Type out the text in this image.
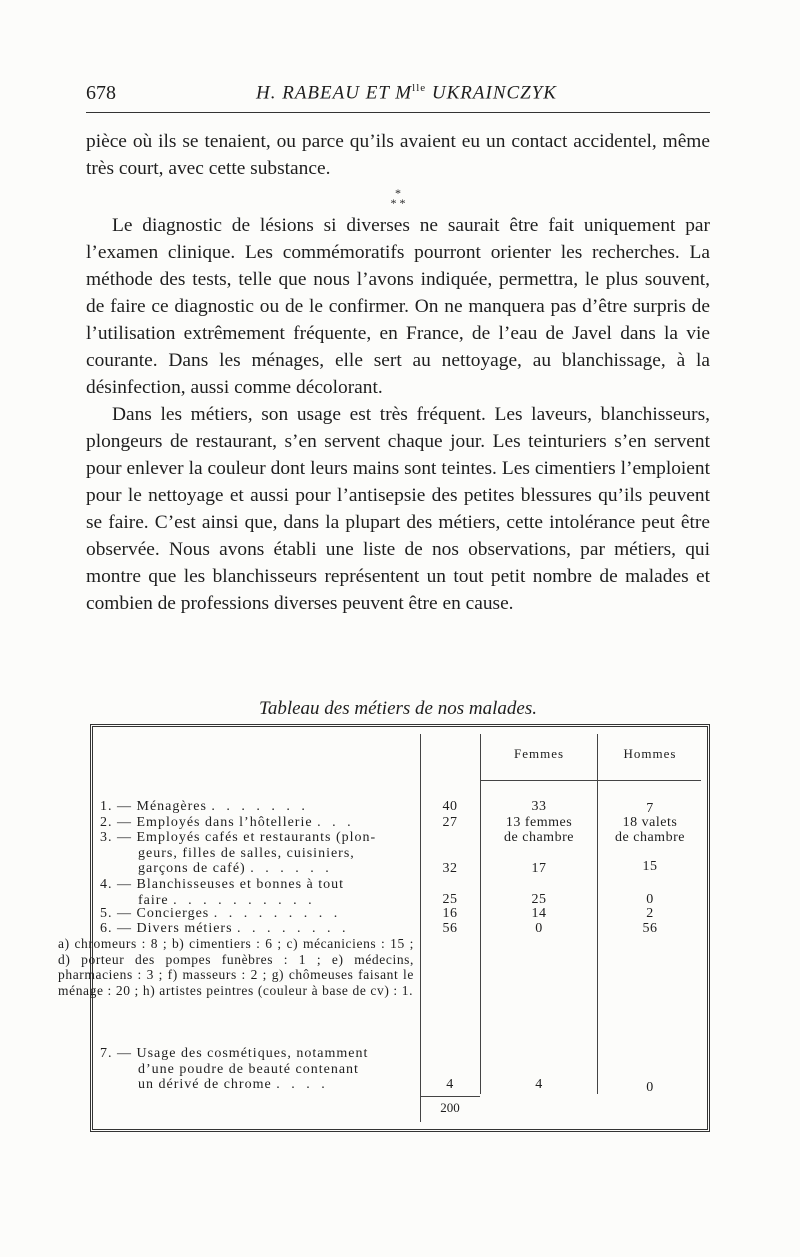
678	H. RABEAU ET $M^{lle}$ UKRAINCZYK

pièce où ils se tenaient, ou parce qu’ils avaient eu un contact accidentel, même très court, avec cette substance.

*
* *

Le diagnostic de lésions si diverses ne saurait être fait uniquement par l’examen clinique. Les commémoratifs pourront orienter les recherches. La méthode des tests, telle que nous l’avons indiquée, permettra, le plus souvent, de faire ce diagnostic ou de le confirmer. On ne manquera pas d’être surpris de l’utilisation extrêmement fréquente, en France, de l’eau de Javel dans la vie courante. Dans les ménages, elle sert au nettoyage, au blanchissage, à la désinfection, aussi comme décolorant.

Dans les métiers, son usage est très fréquent. Les laveurs, blanchisseurs, plongeurs de restaurant, s’en servent chaque jour. Les teinturiers s’en servent pour enlever la couleur dont leurs mains sont teintes. Les cimentiers l’emploient pour le nettoyage et aussi pour l’antisepsie des petites blessures qu’ils peuvent se faire. C’est ainsi que, dans la plupart des métiers, cette intolérance peut être observée. Nous avons établi une liste de nos observations, par métiers, qui montre que les blanchisseurs représentent un tout petit nombre de malades et combien de professions diverses peuvent être en cause.

Tableau des métiers de nos malades.
Femmes	Hommes
1. — Ménagères . . . . . . .
2. — Employés dans l’hôtellerie . . .
3. — Employés cafés et restaurants (plon-
geurs, filles de salles, cuisiniers,
garçons de café) . . . . . .
4. — Blanchisseuses et bonnes à tout
faire . . . . . . . . . .
5. — Concierges . . . . . . . . .
6. — Divers métiers . . . . . . . .

a) chromeurs : 8 ; b) cimentiers : 6 ; c) mécaniciens : 15 ; d) porteur des pompes funèbres : 1 ; e) médecins, pharmaciens : 3 ; f) masseurs : 2 ; g) chômeuses faisant le ménage : 20 ; h) artistes peintres (couleur à base de cv) : 1.

7. — Usage des cosmétiques, notamment
d’une poudre de beauté contenant
un dérivé de chrome . . . .
40
27
32
25
16
56
4
33
13 femmes
de chambre
17
25
14
0
4
7
18 valets
de chambre
15
0
2
56
0
200
